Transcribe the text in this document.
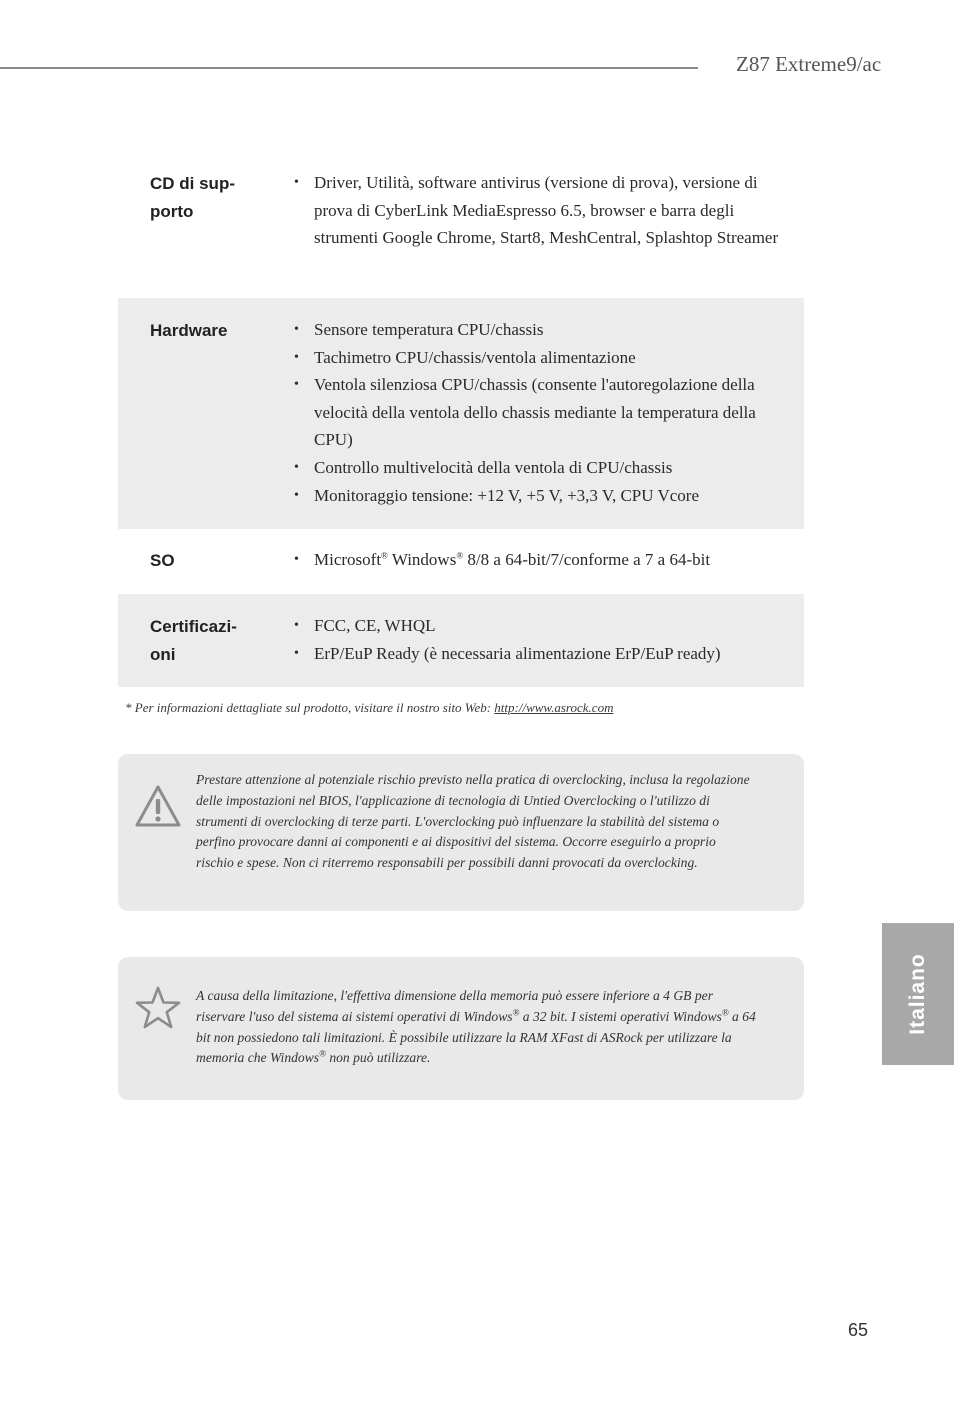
Z87 Extreme9/ac
CD di sup-
porto
• Driver, Utilità, software antivirus (versione di prova), versione di prova di CyberLink MediaEspresso 6.5, browser e barra degli strumenti Google Chrome, Start8, MeshCentral, Splashtop Streamer
Hardware	• Sensore temperatura CPU/chassis
• Tachimetro CPU/chassis/ventola alimentazione
• Ventola silenziosa CPU/chassis (consente l'autoregolazione della velocità della ventola dello chassis mediante la temperatura della CPU)
• Controllo multivelocità della ventola di CPU/chassis
• Monitoraggio tensione: +12 V, +5 V, +3,3 V, CPU Vcore
SO	• Microsoft® Windows® 8/8 a 64-bit/7/conforme a 7 a 64-bit
Certificazi-
oni
• FCC, CE, WHQL
• ErP/EuP Ready (è necessaria alimentazione ErP/EuP ready)
* Per informazioni dettagliate sul prodotto, visitare il nostro sito Web: http://www.asrock.com
Prestare attenzione al potenziale rischio previsto nella pratica di overclocking, inclusa la regolazione delle impostazioni nel BIOS, l'applicazione di tecnologia di Untied Overclocking o l'utilizzo di strumenti di overclocking di terze parti. L'overclocking può influenzare la stabilità del sistema o perfino provocare danni ai componenti e ai dispositivi del sistema. Occorre eseguirlo a proprio rischio e spese. Non ci riterremo responsabili per possibili danni provocati da overclocking.
A causa della limitazione, l'effettiva dimensione della memoria può essere inferiore a 4 GB per riservare l'uso del sistema ai sistemi operativi di Windows® a 32 bit. I sistemi operativi Windows® a 64 bit non possiedono tali limitazioni. È possibile utilizzare la RAM XFast di ASRock per utilizzare la memoria che Windows® non può utilizzare.
Italiano
65
